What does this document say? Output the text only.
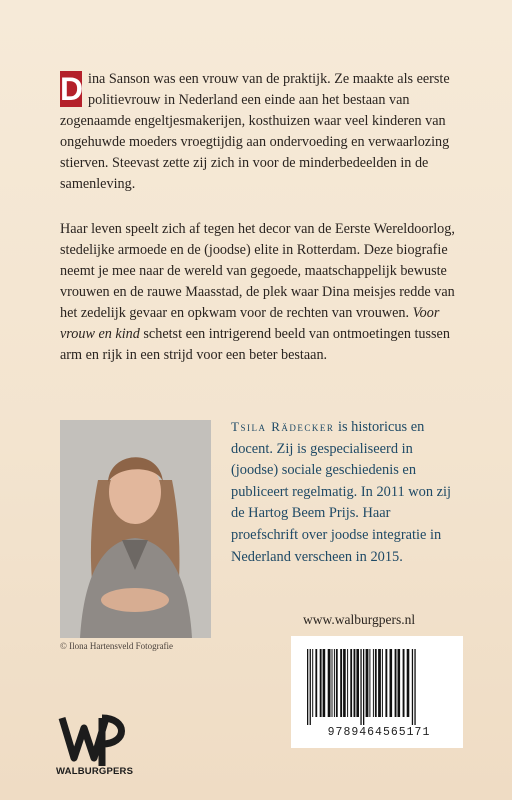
D ina Sanson was een vrouw van de praktijk. Ze maakte als eerste politievrouw in Nederland een einde aan het bestaan van zogenaamde engeltjesmakerijen, kosthuizen waar veel kinderen van ongehuwde moeders vroegtijdig aan ondervoeding en verwaarlozing stierven. Steevast zette zij zich in voor de minderbedeelden in de samenleving.

Haar leven speelt zich af tegen het decor van de Eerste Wereldoorlog, stedelijke armoede en de (joodse) elite in Rotterdam. Deze biografie neemt je mee naar de wereld van gegoede, maatschappelijk bewuste vrouwen en de rauwe Maasstad, de plek waar Dina meisjes redde van het zedelijk gevaar en opkwam voor de rechten van vrouwen. Voor vrouw en kind schetst een intrigerend beeld van ontmoetingen tussen arm en rijk in een strijd voor een beter bestaan.

© Ilona Hartensveld Fotografie

Tsila Rädecker is historicus en docent. Zij is gespecialiseerd in (joodse) sociale geschiedenis en publiceert regelmatig. In 2011 won zij de Hartog Beem Prijs. Haar proefschrift over joodse integratie in Nederland verscheen in 2015.

www.walburgpers.nl
9789464565171
WALBURGPERS
